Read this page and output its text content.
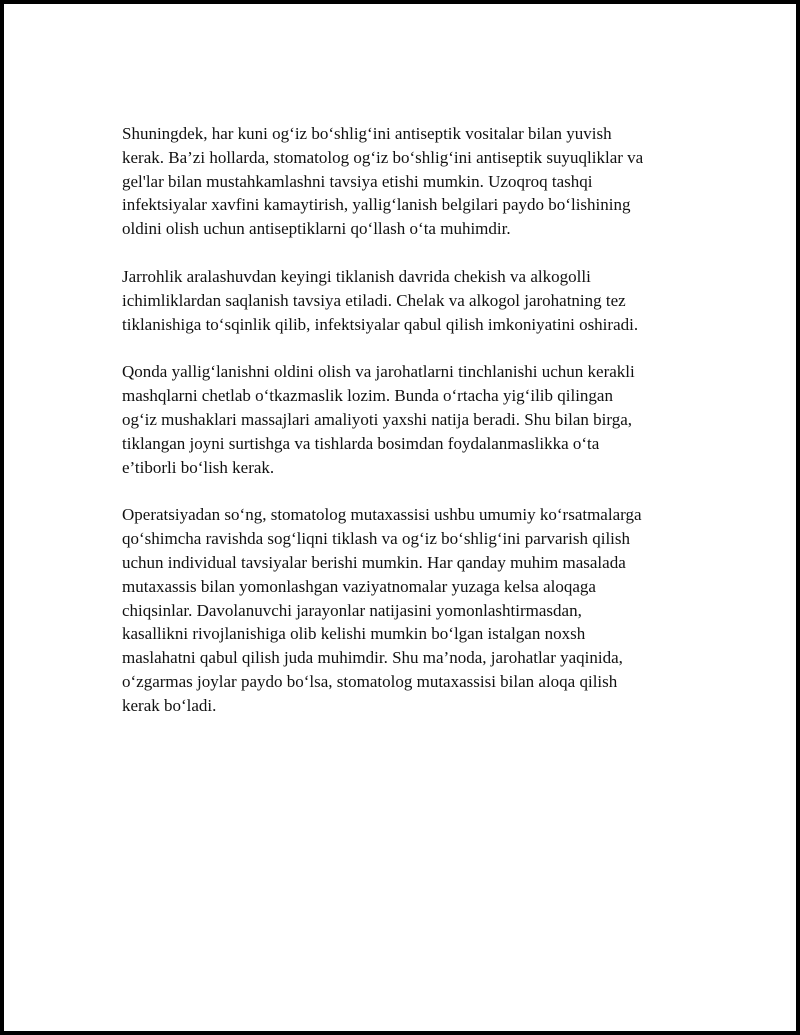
Shuningdek, har kuni og‘iz bo‘shlig‘ini antiseptik vositalar bilan yuvish
kerak. Ba’zi hollarda, stomatolog og‘iz bo‘shlig‘ini antiseptik suyuqliklar va
gel'lar bilan mustahkamlashni tavsiya etishi mumkin. Uzoqroq tashqi
infektsiyalar xavfini kamaytirish, yallig‘lanish belgilari paydo bo‘lishining
oldini olish uchun antiseptiklarni qo‘llash o‘ta muhimdir.

Jarrohlik aralashuvdan keyingi tiklanish davrida chekish va alkogolli
ichimliklardan saqlanish tavsiya etiladi. Chelak va alkogol jarohatning tez
tiklanishiga to‘sqinlik qilib, infektsiyalar qabul qilish imkoniyatini oshiradi.

Qonda yallig‘lanishni oldini olish va jarohatlarni tinchlanishi uchun kerakli
mashqlarni chetlab o‘tkazmaslik lozim. Bunda o‘rtacha yig‘ilib qilingan
og‘iz mushaklari massajlari amaliyoti yaxshi natija beradi. Shu bilan birga,
tiklangan joyni surtishga va tishlarda bosimdan foydalanmaslikka o‘ta
e’tiborli bo‘lish kerak.

Operatsiyadan so‘ng, stomatolog mutaxassisi ushbu umumiy ko‘rsatmalarga
qo‘shimcha ravishda sog‘liqni tiklash va og‘iz bo‘shlig‘ini parvarish qilish
uchun individual tavsiyalar berishi mumkin. Har qanday muhim masalada
mutaxassis bilan yomonlashgan vaziyatnomalar yuzaga kelsa aloqaga
chiqsinlar. Davolanuvchi jarayonlar natijasini yomonlashtirmasdan,
kasallikni rivojlanishiga olib kelishi mumkin bo‘lgan istalgan noxsh
maslahatni qabul qilish juda muhimdir. Shu ma’noda, jarohatlar yaqinida,
o‘zgarmas joylar paydo bo‘lsa, stomatolog mutaxassisi bilan aloqa qilish
kerak bo‘ladi.
